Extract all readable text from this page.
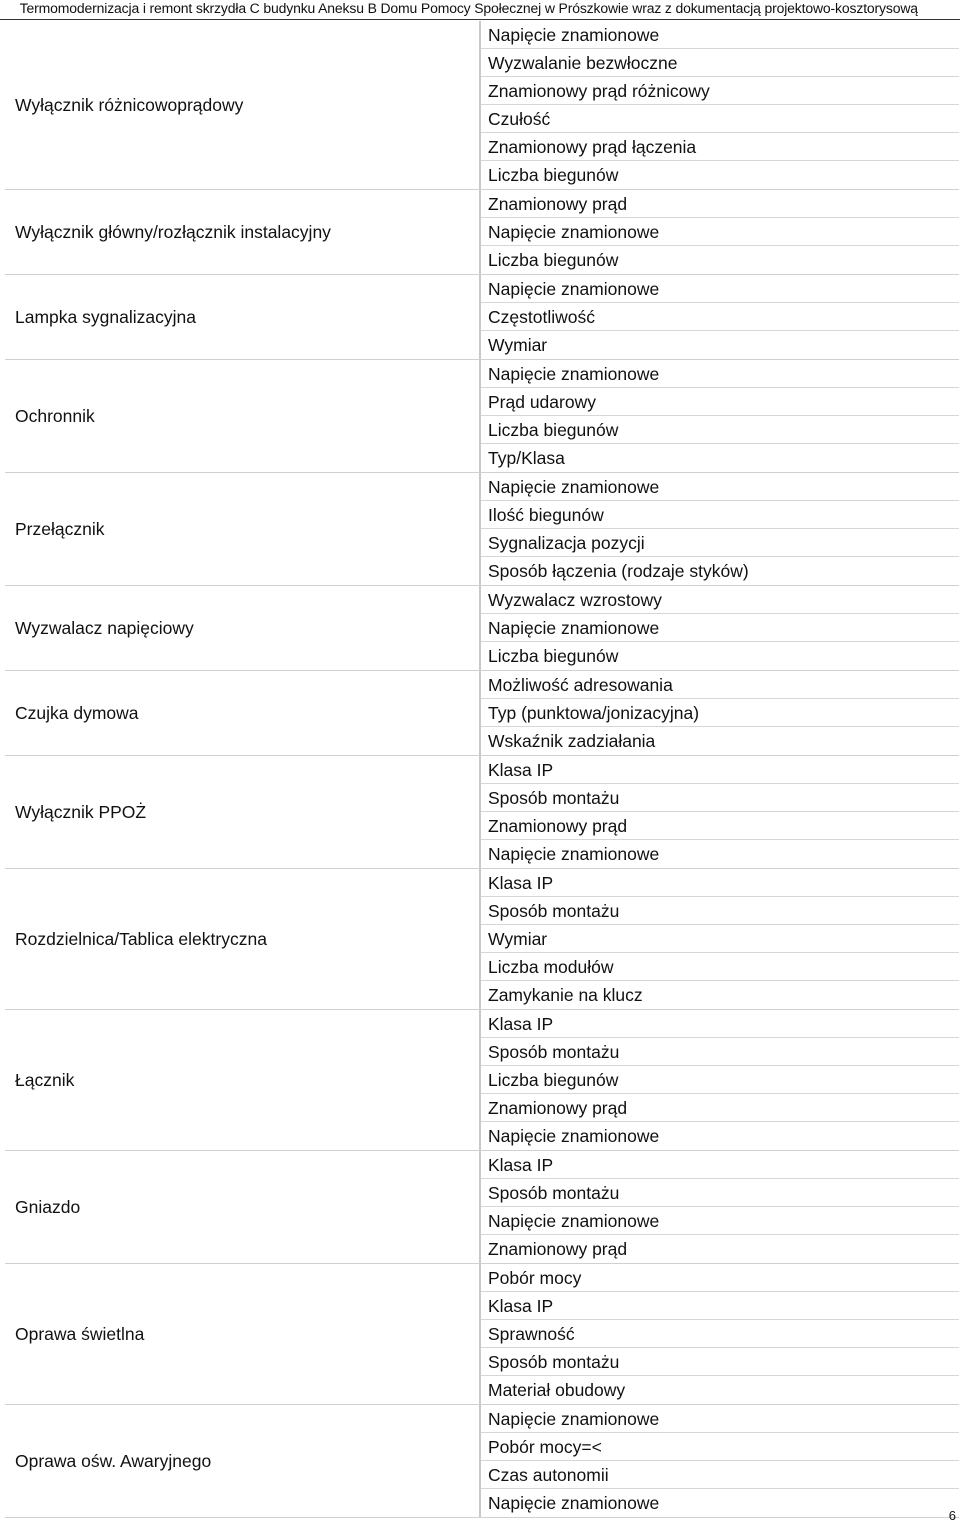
Termomodernizacja i remont skrzydła C budynku Aneksu B Domu Pomocy Społecznej w Prószkowie wraz z dokumentacją projektowo-kosztorysową
Wyłącznik różnicowoprądowy
Napięcie znamionowe
Wyzwalanie bezwłoczne
Znamionowy prąd różnicowy
Czułość
Znamionowy prąd łączenia
Liczba biegunów
Wyłącznik główny/rozłącznik instalacyjny
Znamionowy prąd
Napięcie znamionowe
Liczba biegunów
Lampka sygnalizacyjna
Napięcie znamionowe
Częstotliwość
Wymiar
Ochronnik
Napięcie znamionowe
Prąd udarowy
Liczba biegunów
Typ/Klasa
Przełącznik
Napięcie znamionowe
Ilość biegunów
Sygnalizacja pozycji
Sposób łączenia (rodzaje styków)
Wyzwalacz napięciowy
Wyzwalacz wzrostowy
Napięcie znamionowe
Liczba biegunów
Czujka dymowa
Możliwość adresowania
Typ (punktowa/jonizacyjna)
Wskaźnik zadziałania
Wyłącznik PPOŻ
Klasa IP
Sposób montażu
Znamionowy prąd
Napięcie znamionowe
Rozdzielnica/Tablica elektryczna
Klasa IP
Sposób montażu
Wymiar
Liczba modułów
Zamykanie na klucz
Łącznik
Klasa IP
Sposób montażu
Liczba biegunów
Znamionowy prąd
Napięcie znamionowe
Gniazdo
Klasa IP
Sposób montażu
Napięcie znamionowe
Znamionowy prąd
Oprawa świetlna
Pobór mocy
Klasa IP
Sprawność
Sposób montażu
Materiał obudowy
Oprawa ośw. Awaryjnego
Napięcie znamionowe
Pobór mocy=<
Czas autonomii
Napięcie znamionowe
6
